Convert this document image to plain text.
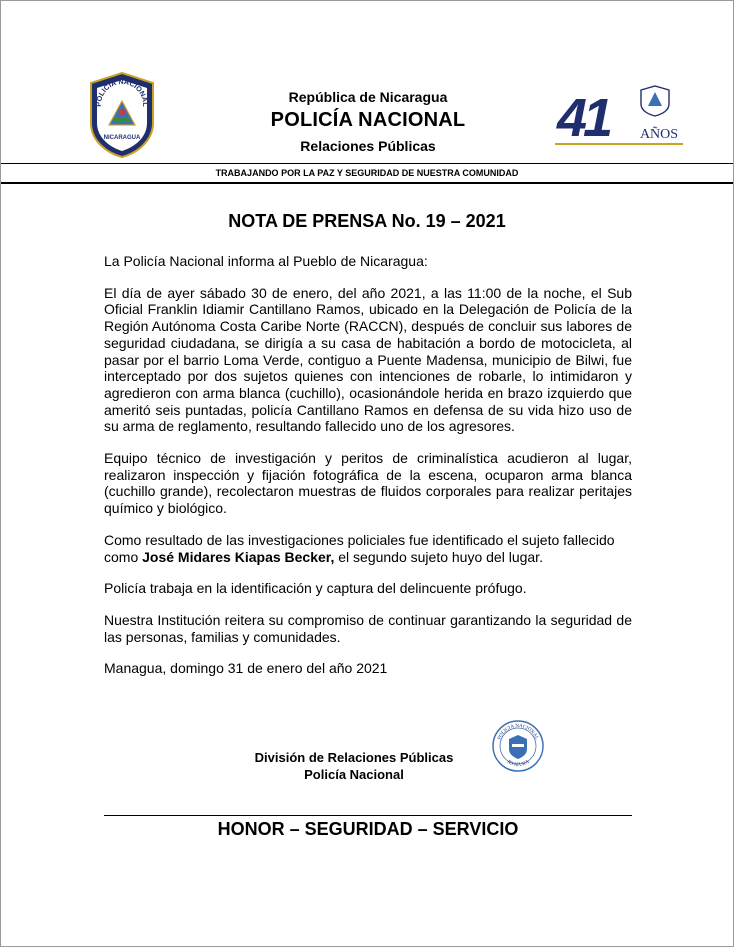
POLICIA NACIONAL
NICARAGUA
República de Nicaragua
POLICÍA NACIONAL
Relaciones Públicas	41 AÑOS
TRABAJANDO POR LA PAZ Y SEGURIDAD DE NUESTRA COMUNIDAD
NOTA DE PRENSA No. 19 – 2021

La Policía Nacional informa al Pueblo de Nicaragua:

El día de ayer sábado 30 de enero, del año 2021, a las 11:00 de la noche, el Sub Oficial Franklin Idiamir Cantillano Ramos, ubicado en la Delegación de Policía de la Región Autónoma Costa Caribe Norte (RACCN), después de concluir sus labores de seguridad ciudadana, se dirigía a su casa de habitación a bordo de motocicleta, al pasar por el barrio Loma Verde, contiguo a Puente Madensa, municipio de Bilwi, fue interceptado por dos sujetos quienes con intenciones de robarle, lo intimidaron y agredieron con arma blanca (cuchillo), ocasionándole herida en brazo izquierdo que ameritó seis puntadas, policía Cantillano Ramos en defensa de su vida hizo uso de su arma de reglamento, resultando fallecido uno de los agresores.

Equipo técnico de investigación y peritos de criminalística acudieron al lugar, realizaron inspección y fijación fotográfica de la escena, ocuparon arma blanca (cuchillo grande), recolectaron muestras de fluidos corporales para realizar peritajes químico y biológico.

Como resultado de las investigaciones policiales fue identificado el sujeto fallecido como José Midares Kiapas Becker, el segundo sujeto huyo del lugar.

Policía trabaja en la identificación y captura del delincuente prófugo.

Nuestra Institución reitera su compromiso de continuar garantizando la seguridad de las personas, familias y comunidades.

Managua, domingo 31 de enero del año 2021

División de Relaciones Públicas
Policía Nacional
POLICIA NACIONAL
JEFATURA
HONOR – SEGURIDAD – SERVICIO
